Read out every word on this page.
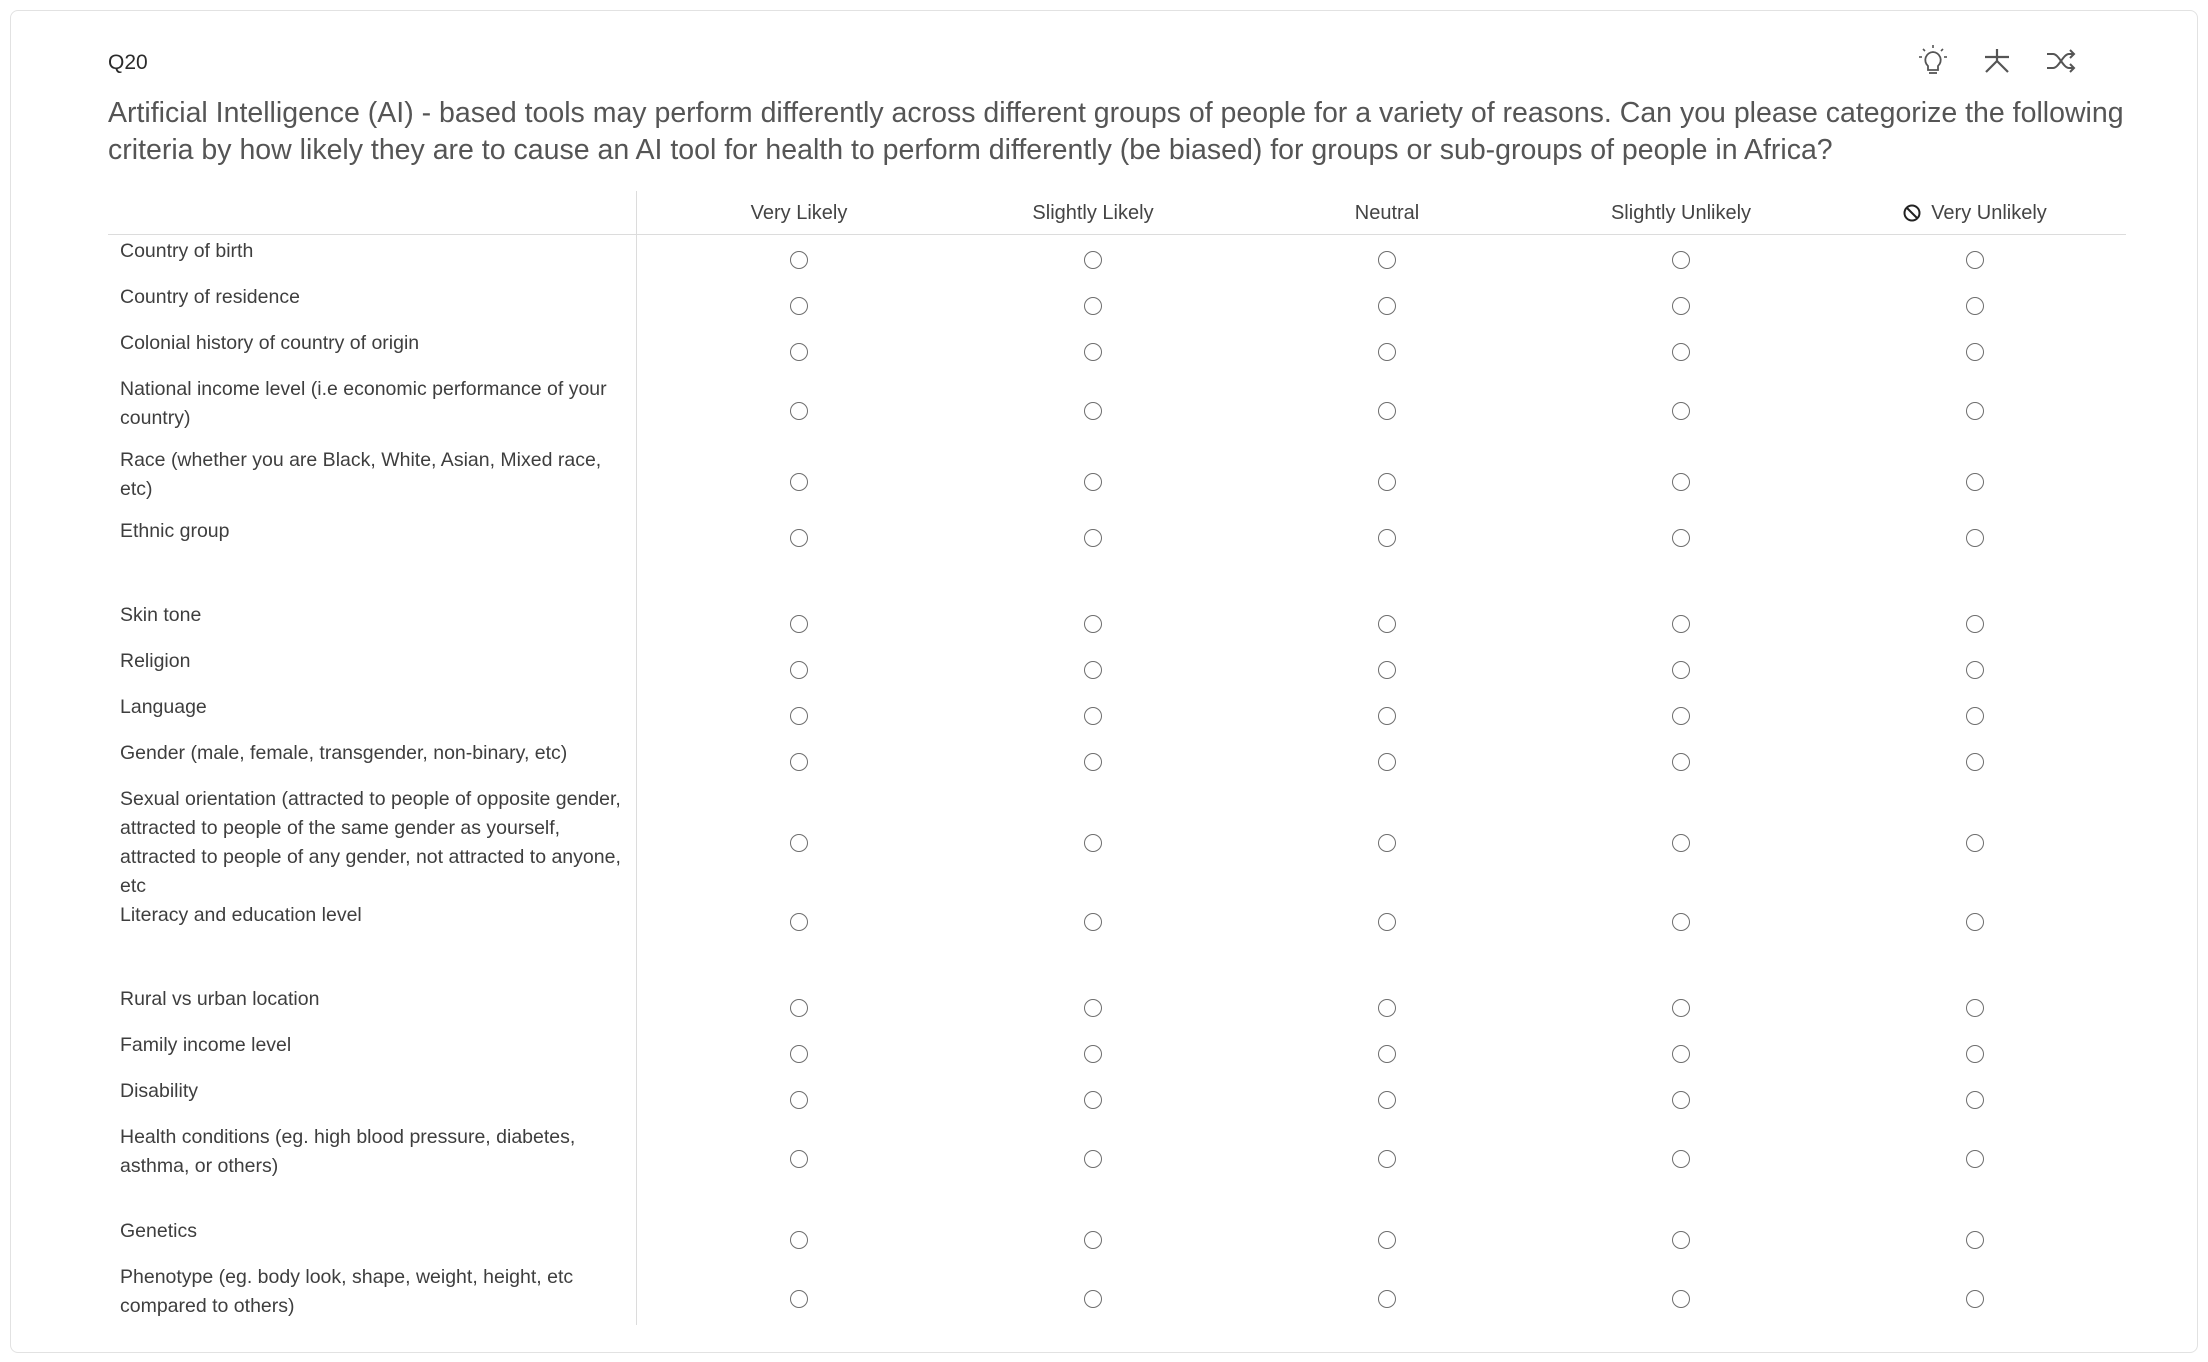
Q20
Artificial Intelligence (AI) - based tools may perform differently across different groups of people for a variety of reasons. Can you please categorize the following criteria by how likely they are to cause an AI tool for health to perform differently (be biased) for groups or sub-groups of people in Africa?
Very Likely	Slightly Likely	Neutral	Slightly Unlikely	Very Unlikely
Country of birth
Country of residence
Colonial history of country of origin
National income level (i.e economic performance of your country)
Race (whether you are Black, White, Asian, Mixed race, etc)
Ethnic group
Skin tone
Religion
Language
Gender (male, female, transgender, non-binary, etc)
Sexual orientation (attracted to people of opposite gender, attracted to people of the same gender as yourself, attracted to people of any gender, not attracted to anyone, etc
Literacy and education level
Rural vs urban location
Family income level
Disability
Health conditions (eg. high blood pressure, diabetes, asthma, or others)
Genetics
Phenotype (eg. body look, shape, weight, height, etc compared to others)
